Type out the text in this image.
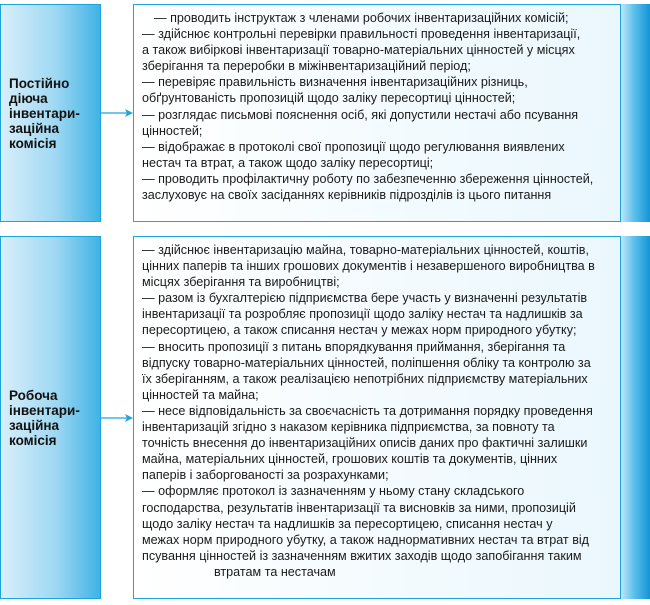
Постійно
діюча
інвентари-
заційна
комісія
— проводить інструктаж з членами робочих інвентаризаційних комісій;
— здійснює контрольні перевірки правильності проведення інвентаризації,
а також вибіркові інвентаризації товарно-матеріальних цінностей у місцях
зберігання та переробки в міжінвентаризаційний період;
— перевіряє правильність визначення інвентаризаційних різниць,
обґрунтованість пропозицій щодо заліку пересортиці цінностей;
— розглядає письмові пояснення осіб, які допустили нестачі або псування
цінностей;
— відображає в протоколі свої пропозиції щодо регулювання виявлених
нестач та втрат, а також щодо заліку пересортиці;
— проводить профілактичну роботу по забезпеченню збереження цінностей,
заслуховує на своїх засіданнях керівників підрозділів із цього питання
Робоча
інвентари-
заційна
комісія
— здійснює інвентаризацію майна, товарно-матеріальних цінностей, коштів,
цінних паперів та інших грошових документів і незавершеного виробництва в
місцях зберігання та виробництві;
— разом із бухгалтерією підприємства бере участь у визначенні результатів
інвентаризації та розробляє пропозиції щодо заліку нестач та надлишків за
пересортицею, а також списання нестач у межах норм природного убутку;
— вносить пропозиції з питань впорядкування приймання, зберігання та
відпуску товарно-матеріальних цінностей, поліпшення обліку та контролю за
їх зберіганням, а також реалізацією непотрібних підприємству матеріальних
цінностей та майна;
— несе відповідальність за своєчасність та дотримання порядку проведення
інвентаризацій згідно з наказом керівника підприємства, за повноту та
точність внесення до інвентаризаційних описів даних про фактичні залишки
майна, матеріальних цінностей, грошових коштів та документів, цінних
паперів і заборгованості за розрахунками;
— оформляє протокол із зазначенням у ньому стану складського
господарства, результатів інвентаризації та висновків за ними, пропозицій
щодо заліку нестач та надлишків за пересортицею, списання нестач у
межах норм природного убутку, а також наднормативних нестач та втрат від
псування цінностей із зазначенням вжитих заходів щодо запобігання таким
втратам та нестачам
